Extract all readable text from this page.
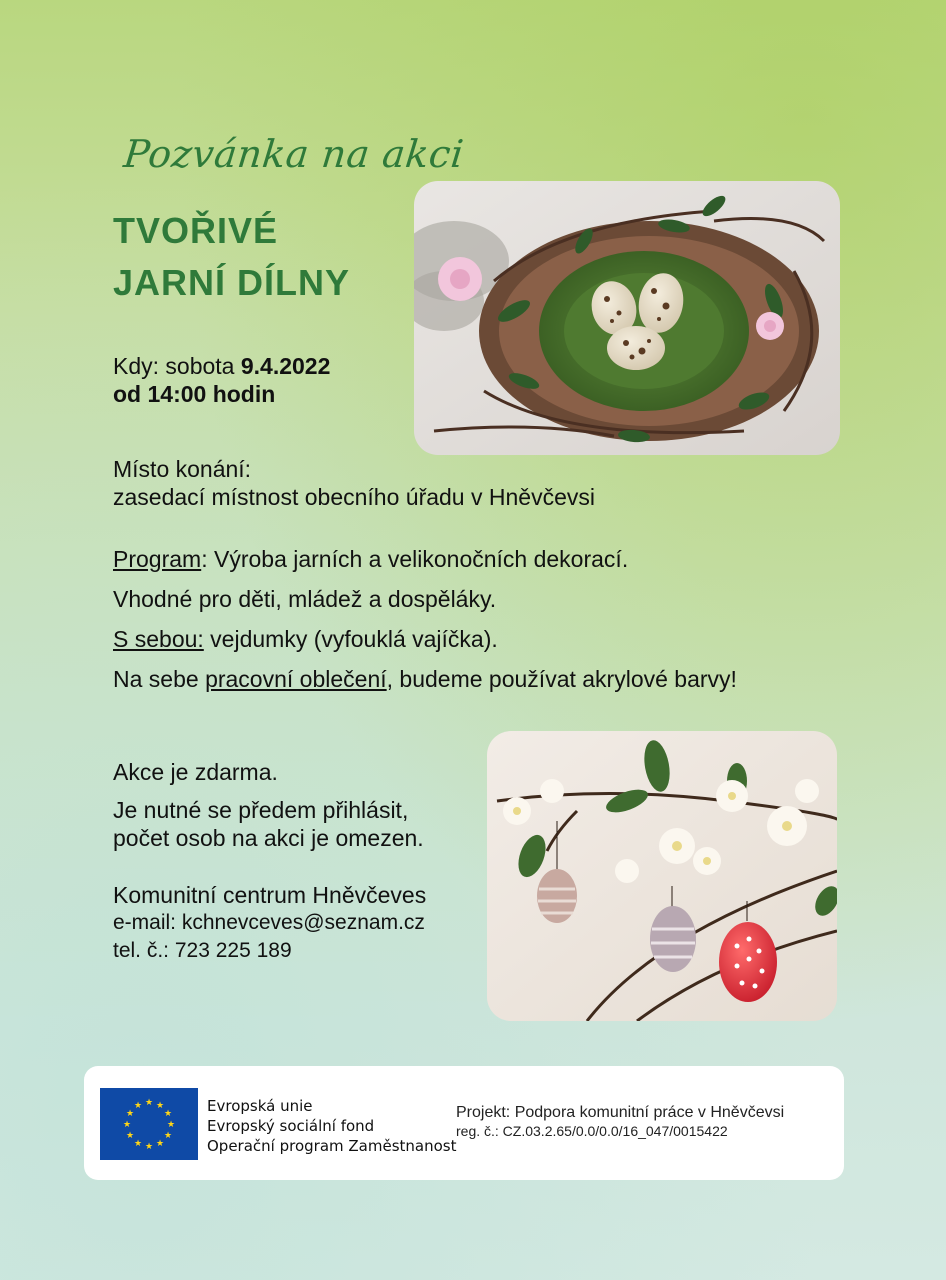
Pozvánka na akci
TVOŘIVÉ
JARNÍ DÍLNY
Kdy: sobota 9.4.2022
od 14:00 hodin
Místo konání:
zasedací místnost obecního úřadu v Hněvčevsi
Program: Výroba jarních a velikonočních dekorací.
Vhodné pro děti, mládež a dospěláky.
S sebou: vejdumky (vyfouklá vajíčka).
Na sebe pracovní oblečení, budeme používat akrylové barvy!
Akce je zdarma.
Je nutné se předem přihlásit,
počet osob na akci je omezen.
Komunitní centrum Hněvčeves
e-mail: kchnevceves@seznam.cz
tel. č.: 723 225 189
★ ★
★
★
★
★
★
★
★
★
★
★	Evropská unie
Evropský sociální fond
Operační program Zaměstnanost
Projekt: Podpora komunitní práce v Hněvčevsi
reg. č.: CZ.03.2.65/0.0/0.0/16_047/0015422
